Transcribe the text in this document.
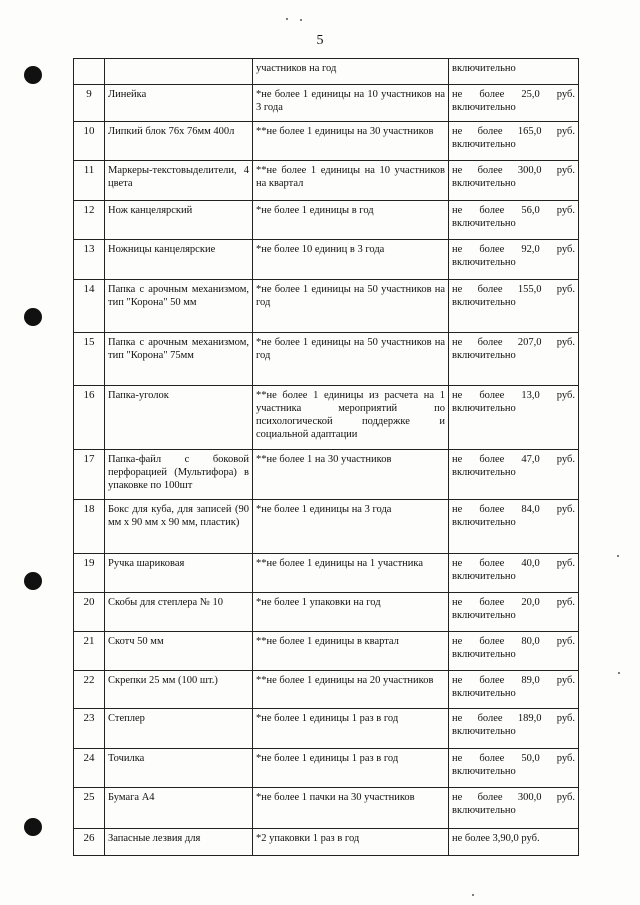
5
		участников на год	включительно
9	Линейка	*не более 1 единицы на 10 участников на 3 года	не более 25,0 руб. включительно
10	Липкий блок 76х 76мм 400л	**не более 1 единицы на 30 участников	не более 165,0 руб. включительно
11	Маркеры-текстовыделители, 4 цвета	**не более 1 единицы на 10 участников на квартал	не более 300,0 руб. включительно
12	Нож канцелярский	*не более 1 единицы в год	не более 56,0 руб. включительно
13	Ножницы канцелярские	*не более 10 единиц в 3 года	не более 92,0 руб. включительно
14	Папка с арочным механизмом, тип "Корона" 50 мм	*не более 1 единицы на 50 участников на год	не более 155,0 руб. включительно
15	Папка с арочным механизмом, тип "Корона" 75мм	*не более 1 единицы на 50 участников на год	не более 207,0 руб. включительно
16	Папка-уголок	**не более 1 единицы из расчета на 1 участника мероприятий по психологической поддержке и социальной адаптации	не более 13,0 руб. включительно
17	Папка-файл с боковой перфорацией (Мультифора) в упаковке по 100шт	**не более 1 на 30 участников	не более 47,0 руб. включительно
18	Бокс для куба, для записей (90 мм х 90 мм х 90 мм, пластик)	*не более 1 единицы на 3 года	не более 84,0 руб. включительно
19	Ручка шариковая	**не более 1 единицы на 1 участника	не более 40,0 руб. включительно
20	Скобы для степлера № 10	*не более 1 упаковки на год	не более 20,0 руб. включительно
21	Скотч 50 мм	**не более 1 единицы в квартал	не более 80,0 руб. включительно
22	Скрепки 25 мм (100 шт.)	**не более 1 единицы на 20 участников	не более 89,0 руб. включительно
23	Степлер	*не более 1 единицы 1 раз в год	не более 189,0 руб. включительно
24	Точилка	*не более 1 единицы 1 раз в год	не более 50,0 руб. включительно
25	Бумага А4	*не более 1 пачки на 30 участников	не более 300,0 руб. включительно
26	Запасные лезвия для	*2 упаковки 1 раз в год	не более 3,90,0 руб.
